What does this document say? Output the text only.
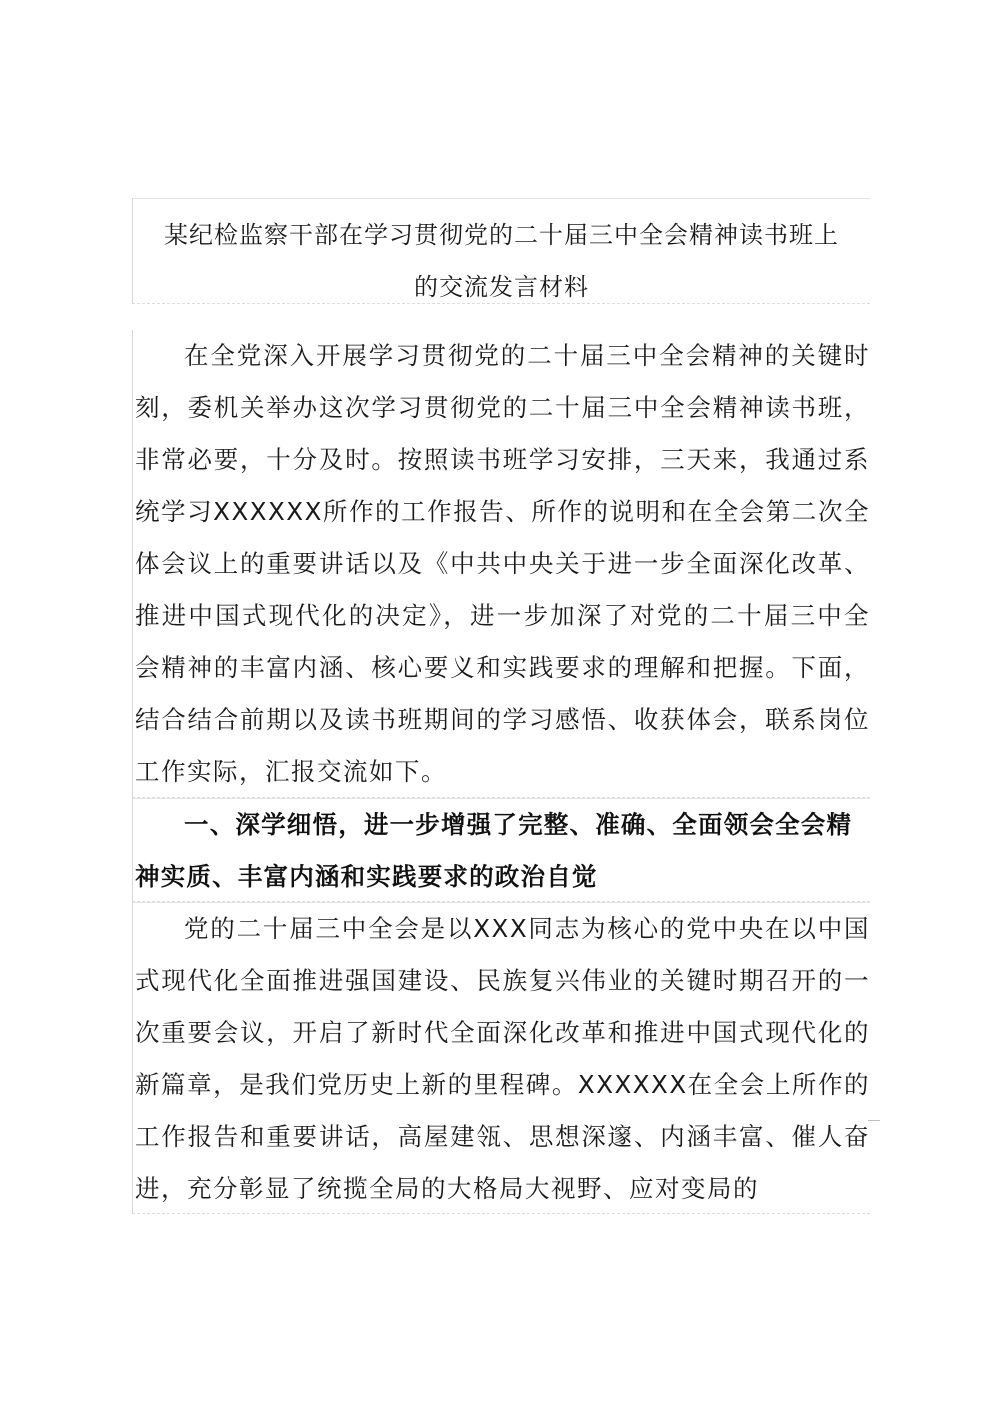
某纪检监察干部在学习贯彻党的二十届三中全会精神读书班上
的交流发言材料

在全党深入开展学习贯彻党的二十届三中全会精神的关键时刻，委机关举办这次学习贯彻党的二十届三中全会精神读书班，非常必要，十分及时。按照读书班学习安排，三天来，我通过系统学习XXXXXX所作的工作报告、所作的说明和在全会第二次全体会议上的重要讲话以及《中共中央关于进一步全面深化改革、推进中国式现代化的决定》，进一步加深了对党的二十届三中全会精神的丰富内涵、核心要义和实践要求的理解和把握。下面，结合结合前期以及读书班期间的学习感悟、收获体会，联系岗位工作实际，汇报交流如下。

一、深学细悟，进一步增强了完整、准确、全面领会全会精神实质、丰富内涵和实践要求的政治自觉

党的二十届三中全会是以XXX同志为核心的党中央在以中国式现代化全面推进强国建设、民族复兴伟业的关键时期召开的一次重要会议，开启了新时代全面深化改革和推进中国式现代化的新篇章，是我们党历史上新的里程碑。XXXXXX在全会上所作的工作报告和重要讲话，高屋建瓴、思想深邃、内涵丰富、催人奋进，充分彰显了统揽全局的大格局大视野、应对变局的
